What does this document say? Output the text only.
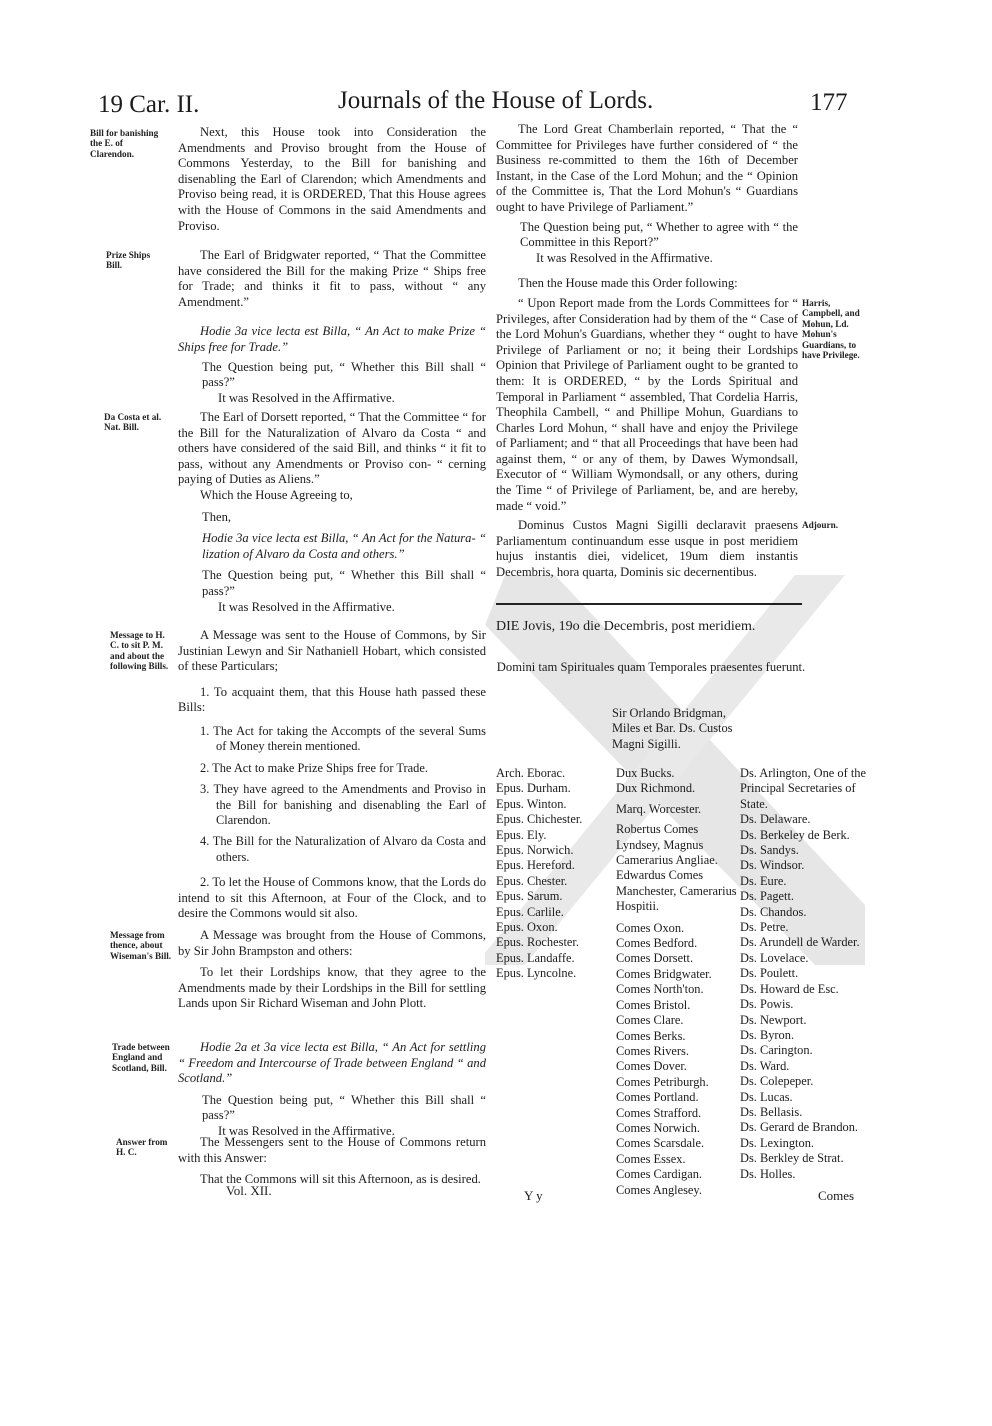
19 Car. II.	Journals of the House of Lords.	177
Bill for banishing the E. of Clarendon.

Next, this House took into Consideration the Amendments and Proviso brought from the House of Commons Yesterday, to the Bill for banishing and disenabling the Earl of Clarendon; which Amendments and Proviso being read, it is ORDERED, That this House agrees with the House of Commons in the said Amendments and Proviso.

Prize Ships Bill.

The Earl of Bridgwater reported, “ That the Committee have considered the Bill for the making Prize “ Ships free for Trade; and thinks it fit to pass, without “ any Amendment.”

Hodie 3a vice lecta est Billa, “ An Act to make Prize “ Ships free for Trade.”

The Question being put, “ Whether this Bill shall “ pass?”

It was Resolved in the Affirmative.

Da Costa et al. Nat. Bill.

The Earl of Dorsett reported, “ That the Committee “ for the Bill for the Naturalization of Alvaro da Costa “ and others have considered of the said Bill, and thinks “ it fit to pass, without any Amendments or Proviso con- “ cerning paying of Duties as Aliens.”

Which the House Agreeing to,

Then,

Hodie 3a vice lecta est Billa, “ An Act for the Natura- “ lization of Alvaro da Costa and others.”

The Question being put, “ Whether this Bill shall “ pass?”

It was Resolved in the Affirmative.

Message to H. C. to sit P. M. and about the following Bills.

A Message was sent to the House of Commons, by Sir Justinian Lewyn and Sir Nathaniell Hobart, which consisted of these Particulars;

1. To acquaint them, that this House hath passed these Bills:

1. The Act for taking the Accompts of the several Sums of Money therein mentioned.

2. The Act to make Prize Ships free for Trade.

3. They have agreed to the Amendments and Proviso in the Bill for banishing and disenabling the Earl of Clarendon.

4. The Bill for the Naturalization of Alvaro da Costa and others.

2. To let the House of Commons know, that the Lords do intend to sit this Afternoon, at Four of the Clock, and to desire the Commons would sit also.

Message from thence, about Wiseman's Bill.

A Message was brought from the House of Commons, by Sir John Brampston and others:

To let their Lordships know, that they agree to the Amendments made by their Lordships in the Bill for settling Lands upon Sir Richard Wiseman and John Plott.

Trade between England and Scotland, Bill.

Hodie 2a et 3a vice lecta est Billa, “ An Act for settling “ Freedom and Intercourse of Trade between England “ and Scotland.”

The Question being put, “ Whether this Bill shall “ pass?”

It was Resolved in the Affirmative.

Answer from H. C.

The Messengers sent to the House of Commons return with this Answer:

That the Commons will sit this Afternoon, as is desired.

Vol. XII.

The Lord Great Chamberlain reported, “ That the “ Committee for Privileges have further considered of “ the Business re-committed to them the 16th of December Instant, in the Case of the Lord Mohun; and the “ Opinion of the Committee is, That the Lord Mohun's “ Guardians ought to have Privilege of Parliament.”

The Question being put, “ Whether to agree with “ the Committee in this Report?”

It was Resolved in the Affirmative.

Then the House made this Order following:

“ Upon Report made from the Lords Committees for “ Privileges, after Consideration had by them of the “ Case of the Lord Mohun's Guardians, whether they “ ought to have Privilege of Parliament or no; it being their Lordships Opinion that Privilege of Parliament ought to be granted to them: It is ORDERED, “ by the Lords Spiritual and Temporal in Parliament “ assembled, That Cordelia Harris, Theophila Cambell, “ and Phillipe Mohun, Guardians to Charles Lord Mohun, “ shall have and enjoy the Privilege of Parliament; and “ that all Proceedings that have been had against them, “ or any of them, by Dawes Wymondsall, Executor of “ William Wymondsall, or any others, during the Time “ of Privilege of Parliament, be, and are hereby, made “ void.”

Harris, Campbell, and Mohun, Ld. Mohun's Guardians, to have Privilege.

Dominus Custos Magni Sigilli declaravit praesens Parliamentum continuandum esse usque in post meridiem hujus instantis diei, videlicet, 19um diem instantis Decembris, hora quarta, Dominis sic decernentibus.

Adjourn.
DIE Jovis, 19o die Decembris, post meridiem.
Domini tam Spirituales quam Temporales praesentes fuerunt.
Sir Orlando Bridgman, Miles et Bar. Ds. Custos Magni Sigilli.
Arch. Eborac.
Epus. Durham.
Epus. Winton.
Epus. Chichester.
Epus. Ely.
Epus. Norwich.
Epus. Hereford.
Epus. Chester.
Epus. Sarum.
Epus. Carlile.
Epus. Oxon.
Epus. Rochester.
Epus. Landaffe.
Epus. Lyncolne.
Dux Bucks.
Dux Richmond.
Marq. Worcester.
Robertus Comes Lyndsey, Magnus Camerarius Angliae.
Edwardus Comes Manchester, Camerarius Hospitii.
Comes Oxon.
Comes Bedford.
Comes Dorsett.
Comes Bridgwater.
Comes North'ton.
Comes Bristol.
Comes Clare.
Comes Berks.
Comes Rivers.
Comes Dover.
Comes Petriburgh.
Comes Portland.
Comes Strafford.
Comes Norwich.
Comes Scarsdale.
Comes Essex.
Comes Cardigan.
Comes Anglesey.
Ds. Arlington, One of the Principal Secretaries of State.
Ds. Delaware.
Ds. Berkeley de Berk.
Ds. Sandys.
Ds. Windsor.
Ds. Eure.
Ds. Pagett.
Ds. Chandos.
Ds. Petre.
Ds. Arundell de Warder.
Ds. Lovelace.
Ds. Poulett.
Ds. Howard de Esc.
Ds. Powis.
Ds. Newport.
Ds. Byron.
Ds. Carington.
Ds. Ward.
Ds. Colepeper.
Ds. Lucas.
Ds. Bellasis.
Ds. Gerard de Brandon.
Ds. Lexington.
Ds. Berkley de Strat.
Ds. Holles.
Y y	Comes
